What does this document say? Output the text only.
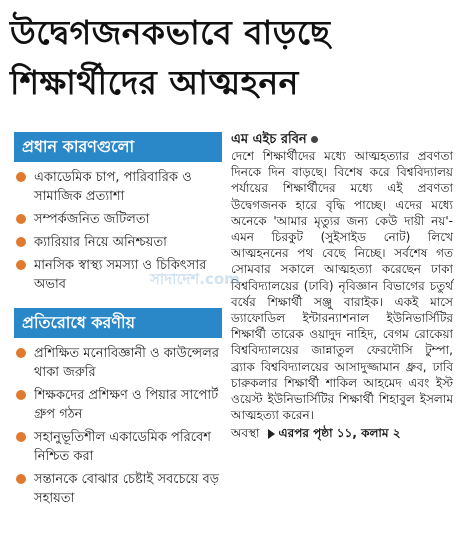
উদ্বেগজনকভাবে বাড়ছে
শিক্ষার্থীদের আত্মহনন
প্রধান কারণগুলো
একাডেমিক চাপ, পারিবারিক ও সামাজিক প্রত্যাশা
সম্পর্কজনিত জটিলতা
ক্যারিয়ার নিয়ে অনিশ্চয়তা
মানসিক স্বাস্থ্য সমস্যা ও চিকিৎসার অভাব
প্রতিরোধে করণীয়
প্রশিক্ষিত মনোবিজ্ঞানী ও কাউন্সেলর থাকা জরুরি
শিক্ষকদের প্রশিক্ষণ ও পিয়ার সাপোর্ট গ্রুপ গঠন
সহানুভূতিশীল একাডেমিক পরিবেশ নিশ্চিত করা
সন্তানকে বোঝার চেষ্টাই সবচেয়ে বড় সহায়তা
এম এইচ রবিন

দেশে শিক্ষার্থীদের মধ্যে আত্মহত্যার প্রবণতা দিনকে দিন বাড়ছে। বিশেষ করে বিশ্ববিদ্যালয় পর্যায়ের শিক্ষার্থীদের মধ্যে এই প্রবণতা উদ্বেগজনক হারে বৃদ্ধি পাচ্ছে। এদের মধ্যে অনেকে 'আমার মৃত্যুর জন্য কেউ দায়ী নয়'- এমন চিরকুট (সুইসাইড নোট) লিখে আত্মহননের পথ বেছে নিচ্ছে। সর্বশেষ গত সোমবার সকালে আত্মহত্যা করেছেন ঢাকা বিশ্ববিদ্যালয়ের (ঢাবি) নৃবিজ্ঞান বিভাগের চতুর্থ বর্ষের শিক্ষার্থী সঞ্জু বারাইক। একই মাসে ড্যাফোডিল ইন্টারন্যাশনাল ইউনিভার্সিটির শিক্ষার্থী তারেক ওয়াদুদ নাহিদ, বেগম রোকেয়া বিশ্ববিদ্যালয়ের জান্নাতুল ফেরদৌসি টুম্পা, ব্র্যাক বিশ্ববিদ্যালয়ের আসাদুজ্জামান ধ্রুব, ঢাবি চারুকলার শিক্ষার্থী শাকিল আহমেদ এবং ইস্ট ওয়েস্ট ইউনিভার্সিটির শিক্ষার্থী শিহাবুল ইসলাম আত্মহত্যা করেন।

অবস্থা এরপর পৃষ্ঠা ১১, কলাম ২
সাদাদেশ.com
